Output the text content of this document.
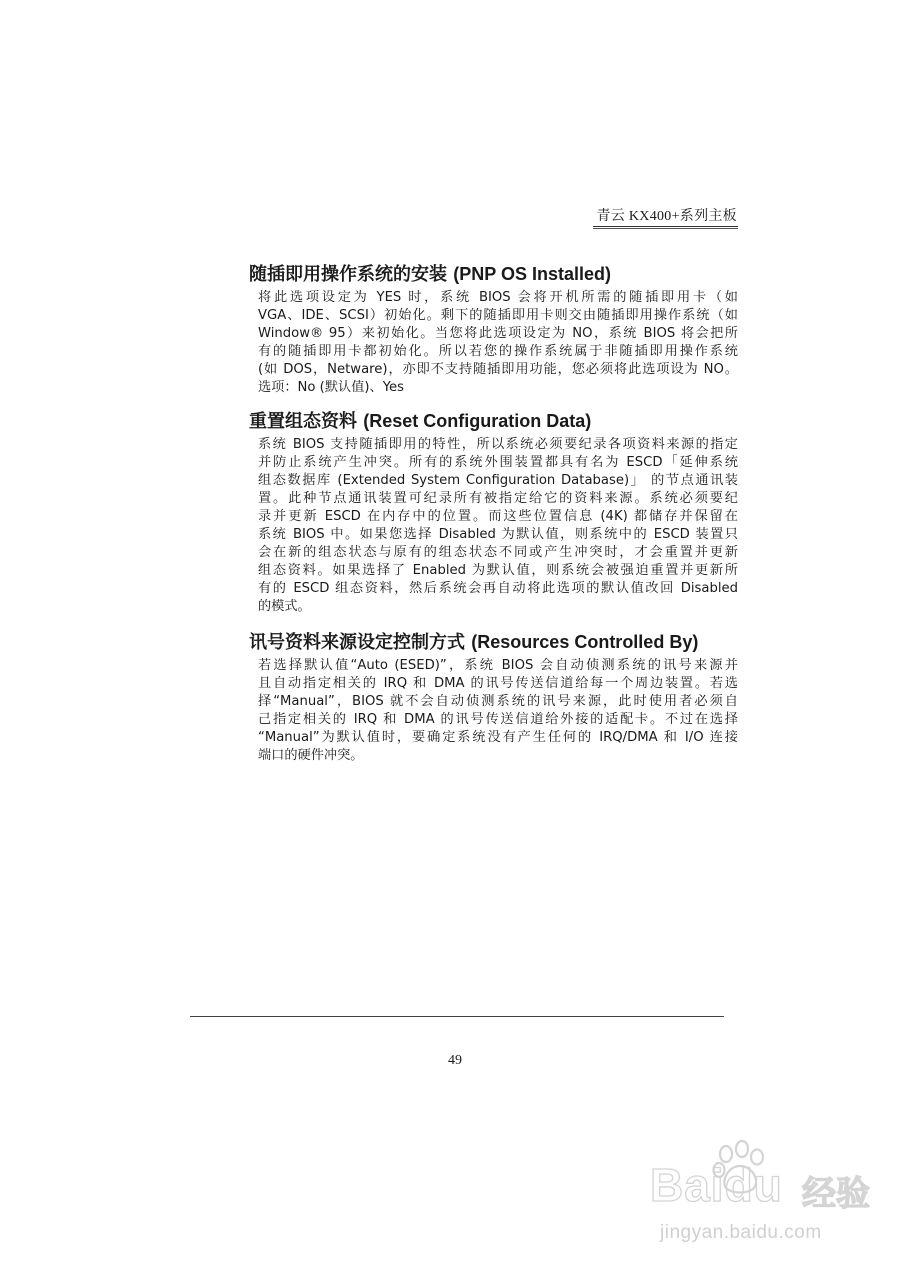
青云 KX400+系列主板
随插即用操作系统的安装 (PNP OS Installed)
将此选项设定为 YES 时，系统 BIOS 会将开机所需的随插即用卡（如
VGA、IDE、SCSI）初始化。剩下的随插即用卡则交由随插即用操作系统（如
Window® 95）来初始化。当您将此选项设定为 NO，系统 BIOS 将会把所
有的随插即用卡都初始化。所以若您的操作系统属于非随插即用操作系统
(如 DOS，Netware)，亦即不支持随插即用功能，您必须将此选项设为 NO。
选项：No (默认值)、Yes
重置组态资料 (Reset Configuration Data)
系统 BIOS 支持随插即用的特性，所以系统必须要纪录各项资料来源的指定
并防止系统产生冲突。所有的系统外围装置都具有名为 ESCD「延伸系统
组态数据库 (Extended System Configuration Database)」 的节点通讯装
置。此种节点通讯装置可纪录所有被指定给它的资料来源。系统必须要纪
录并更新 ESCD 在内存中的位置。而这些位置信息 (4K) 都储存并保留在
系统 BIOS 中。如果您选择 Disabled 为默认值，则系统中的 ESCD 装置只
会在新的组态状态与原有的组态状态不同或产生冲突时，才会重置并更新
组态资料。如果选择了 Enabled 为默认值，则系统会被强迫重置并更新所
有的 ESCD 组态资料，然后系统会再自动将此选项的默认值改回 Disabled
的模式。
讯号资料来源设定控制方式 (Resources Controlled By)
若选择默认值“Auto (ESED)”，系统 BIOS 会自动侦测系统的讯号来源并
且自动指定相关的 IRQ 和 DMA 的讯号传送信道给每一个周边装置。若选
择“Manual”，BIOS 就不会自动侦测系统的讯号来源，此时使用者必须自
己指定相关的 IRQ 和 DMA 的讯号传送信道给外接的适配卡。不过在选择
“Manual”为默认值时，要确定系统没有产生任何的 IRQ/DMA 和 I/O 连接
端口的硬件冲突。
49
Baidu 经验
jingyan.baidu.com
